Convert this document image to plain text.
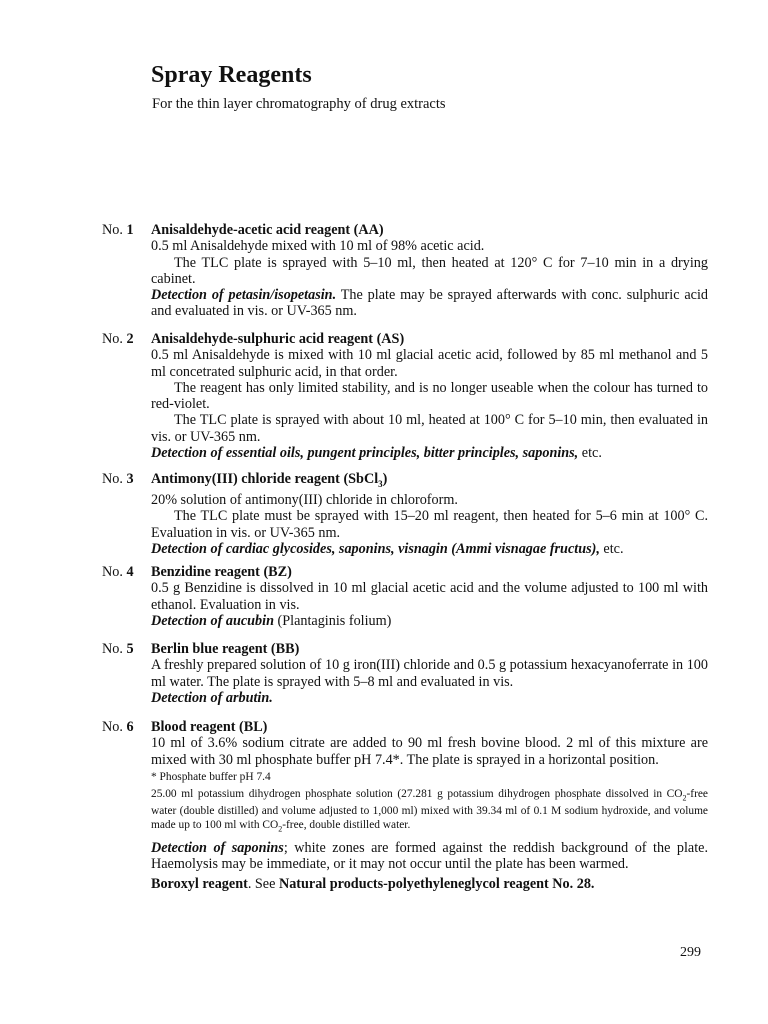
Spray Reagents
For the thin layer chromatography of drug extracts
No. 1 Anisaldehyde-acetic acid reagent (AA)

0.5 ml Anisaldehyde mixed with 10 ml of 98% acetic acid.

The TLC plate is sprayed with 5–10 ml, then heated at 120° C for 7–10 min in a drying cabinet.

Detection of petasin/isopetasin. The plate may be sprayed afterwards with conc. sulphuric acid and evaluated in vis. or UV-365 nm.

No. 2 Anisaldehyde-sulphuric acid reagent (AS)

0.5 ml Anisaldehyde is mixed with 10 ml glacial acetic acid, followed by 85 ml methanol and 5 ml concetrated sulphuric acid, in that order.

The reagent has only limited stability, and is no longer useable when the colour has turned to red-violet.

The TLC plate is sprayed with about 10 ml, heated at 100° C for 5–10 min, then evaluated in vis. or UV-365 nm.

Detection of essential oils, pungent principles, bitter principles, saponins, etc.

No. 3 Antimony(III) chloride reagent (SbCl$_3$)

20% solution of antimony(III) chloride in chloroform.

The TLC plate must be sprayed with 15–20 ml reagent, then heated for 5–6 min at 100° C. Evaluation in vis. or UV-365 nm.

Detection of cardiac glycosides, saponins, visnagin (Ammi visnagae fructus), etc.

No. 4 Benzidine reagent (BZ)

0.5 g Benzidine is dissolved in 10 ml glacial acetic acid and the volume adjusted to 100 ml with ethanol. Evaluation in vis.

Detection of aucubin (Plantaginis folium)

No. 5 Berlin blue reagent (BB)

A freshly prepared solution of 10 g iron(III) chloride and 0.5 g potassium hexacyanoferrate in 100 ml water. The plate is sprayed with 5–8 ml and evaluated in vis.

Detection of arbutin.

No. 6 Blood reagent (BL)

10 ml of 3.6% sodium citrate are added to 90 ml fresh bovine blood. 2 ml of this mixture are mixed with 30 ml phosphate buffer pH 7.4*. The plate is sprayed in a horizontal position.

* Phosphate buffer pH 7.4

25.00 ml potassium dihydrogen phosphate solution (27.281 g potassium dihydrogen phosphate dissolved in $CO_2$-free water (double distilled) and volume adjusted to 1,000 ml) mixed with 39.34 ml of 0.1 M sodium hydroxide, and volume made up to 100 ml with $CO_2$-free, double distilled water.

Detection of saponins; white zones are formed against the reddish background of the plate. Haemolysis may be immediate, or it may not occur until the plate has been warmed.

Boroxyl reagent. See Natural products-polyethyleneglycol reagent No. 28.

299
